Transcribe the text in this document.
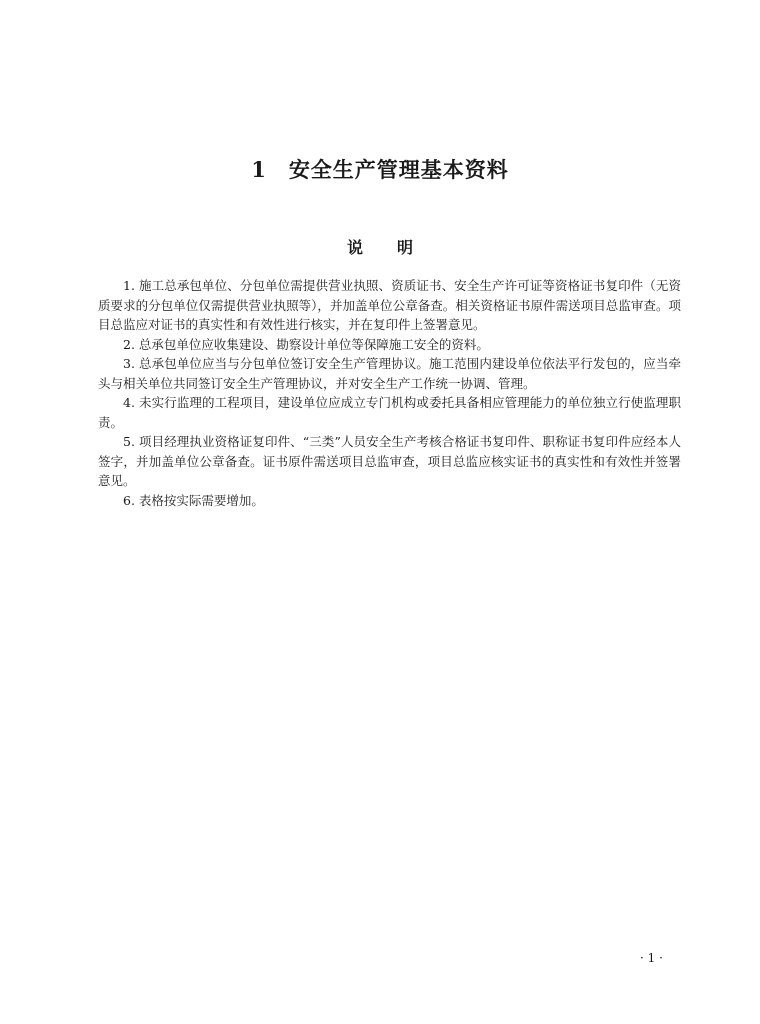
1 安全生产管理基本资料
说 明
1. 施工总承包单位、分包单位需提供营业执照、资质证书、安全生产许可证等资格证书复印件（无资质要求的分包单位仅需提供营业执照等），并加盖单位公章备查。相关资格证书原件需送项目总监审查。项目总监应对证书的真实性和有效性进行核实，并在复印件上签署意见。
2. 总承包单位应收集建设、勘察设计单位等保障施工安全的资料。
3. 总承包单位应当与分包单位签订安全生产管理协议。施工范围内建设单位依法平行发包的，应当牵头与相关单位共同签订安全生产管理协议，并对安全生产工作统一协调、管理。
4. 未实行监理的工程项目，建设单位应成立专门机构或委托具备相应管理能力的单位独立行使监理职责。
5. 项目经理执业资格证复印件、“三类”人员安全生产考核合格证书复印件、职称证书复印件应经本人签字，并加盖单位公章备查。证书原件需送项目总监审查，项目总监应核实证书的真实性和有效性并签署意见。
6. 表格按实际需要增加。
· 1 ·
